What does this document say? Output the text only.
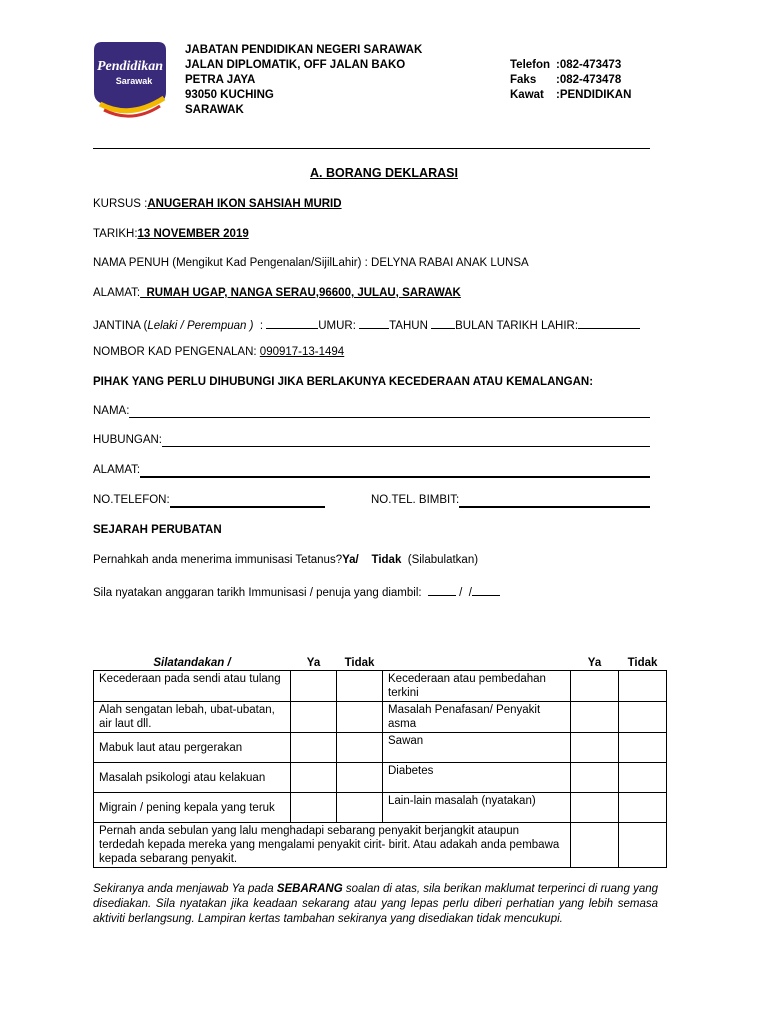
Pendidikan
Sarawak
JABATAN PENDIDIKAN NEGERI SARAWAK
JALAN DIPLOMATIK, OFF JALAN BAKO
PETRA JAYA
93050 KUCHING
SARAWAK
Telefon :082-473473
Faks :082-473478
Kawat :PENDIDIKAN
A. BORANG DEKLARASI
KURSUS :ANUGERAH IKON SAHSIAH MURID
TARIKH:13 NOVEMBER 2019
NAMA PENUH (Mengikut Kad Pengenalan/SijilLahir) : DELYNA RABAI ANAK LUNSA
ALAMAT:  RUMAH UGAP, NANGA SERAU,96600, JULAU, SARAWAK
JANTINA (Lelaki / Perempuan )  :	UMUR:	TAHUN BULAN TARIKH LAHIR:
NOMBOR KAD PENGENALAN: 090917-13-1494
PIHAK YANG PERLU DIHUBUNGI JIKA BERLAKUNYA KECEDERAAN ATAU KEMALANGAN:
NAMA:
HUBUNGAN:
ALAMAT:
NO.TELEFON:	NO.TEL. BIMBIT:
SEJARAH PERUBATAN
Pernahkah anda menerima immunisasi Tetanus?Ya/ Tidak (Silabulatkan)
Sila nyatakan anggaran tarikh Immunisasi / penuja yang diambil:	/ /
Silatandakan /	Ya	Tidak		Ya	Tidak
Kecederaan pada sendi atau tulang			Kecederaan atau pembedahan terkini		
Alah sengatan lebah, ubat-ubatan, air laut dll.			Masalah Penafasan/ Penyakit asma		
Mabuk laut atau pergerakan			Sawan		
Masalah psikologi atau kelakuan			Diabetes		
Migrain / pening kepala yang teruk			Lain-lain masalah (nyatakan)		
Pernah anda sebulan yang lalu menghadapi sebarang penyakit berjangkit ataupun terdedah kepada mereka yang mengalami penyakit cirit- birit. Atau adakah anda pembawa kepada sebarang penyakit.					
Sekiranya anda menjawab Ya pada SEBARANG soalan di atas, sila berikan maklumat terperinci di ruang yang disediakan. Sila nyatakan jika keadaan sekarang atau yang lepas perlu diberi perhatian yang lebih semasa aktiviti berlangsung. Lampiran kertas tambahan sekiranya yang disediakan tidak mencukupi.
